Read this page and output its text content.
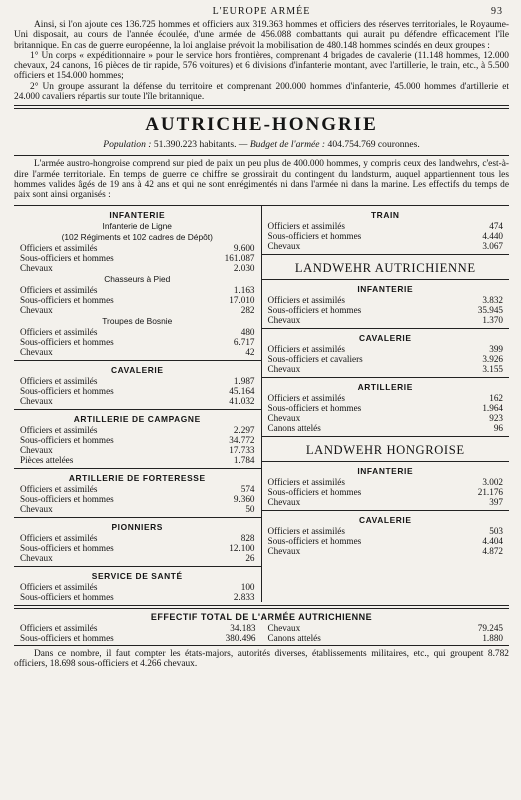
L'EUROPE ARMÉE	93

Ainsi, si l'on ajoute ces 136.725 hommes et officiers aux 319.363 hommes et officiers des réserves territoriales, le Royaume-Uni disposait, au cours de l'année écoulée, d'une armée de 456.088 combattants qui aurait pu défendre efficacement l'île britannique. En cas de guerre européenne, la loi anglaise prévoit la mobilisation de 480.148 hommes scindés en deux groupes :

1° Un corps « expéditionnaire » pour le service hors frontières, comprenant 4 brigades de cavalerie (11.148 hommes, 12.000 chevaux, 24 canons, 16 pièces de tir rapide, 576 voitures) et 6 divisions d'infanterie montant, avec l'artillerie, le train, etc., à 5.500 officiers et 154.000 hommes;
2° Un groupe assurant la défense du territoire et comprenant 200.000 hommes d'infanterie, 45.000 hommes d'artillerie et 24.000 cavaliers répartis sur toute l'île britannique.
AUTRICHE-HONGRIE
Population : 51.390.223 habitants. — Budget de l'armée : 404.754.769 couronnes.

L'armée austro-hongroise comprend sur pied de paix un peu plus de 400.000 hommes, y compris ceux des landwehrs, c'est-à-dire l'armée territoriale. En temps de guerre ce chiffre se grossirait du contingent du landsturm, auquel appartiennent tous les hommes valides âgés de 19 ans à 42 ans et qui ne sont enrégimentés ni dans l'armée ni dans la marine. Les effectifs du temps de paix sont ainsi organisés :

INFANTERIE
Infanterie de Ligne
(102 Régiments et 102 cadres de Dépôt)
Officiers et assimilés	9.600
Sous-officiers et hommes	161.087
Chevaux	2.030
Chasseurs à Pied
Officiers et assimilés	1.163
Sous-officiers et hommes	17.010
Chevaux	282
Troupes de Bosnie
Officiers et assimilés	480
Sous-officiers et hommes	6.717
Chevaux	42
CAVALERIE
Officiers et assimilés	1.987
Sous-officiers et hommes	45.164
Chevaux	41.032
ARTILLERIE DE CAMPAGNE
Officiers et assimilés	2.297
Sous-officiers et hommes	34.772
Chevaux	17.733
Pièces attelées	1.784
ARTILLERIE DE FORTERESSE
Officiers et assimilés	574
Sous-officiers et hommes	9.360
Chevaux	50
PIONNIERS
Officiers et assimilés	828
Sous-officiers et hommes	12.100
Chevaux	26
SERVICE DE SANTÉ
Officiers et assimilés	100
Sous-officiers et hommes	2.833
TRAIN
Officiers et assimilés	474
Sous-officiers et hommes	4.440
Chevaux	3.067
LANDWEHR AUTRICHIENNE
INFANTERIE
Officiers et assimilés	3.832
Sous-officiers et hommes	35.945
Chevaux	1.370
CAVALERIE
Officiers et assimilés	399
Sous-officiers et cavaliers	3.926
Chevaux	3.155
ARTILLERIE
Officiers et assimilés	162
Sous-officiers et hommes	1.964
Chevaux	923
Canons attelés	96
LANDWEHR HONGROISE
INFANTERIE
Officiers et assimilés	3.002
Sous-officiers et hommes	21.176
Chevaux	397
CAVALERIE
Officiers et assimilés	503
Sous-officiers et hommes	4.404
Chevaux	4.872
EFFECTIF TOTAL DE L'ARMÉE AUTRICHIENNE
Officiers et assimilés	34.183
Sous-officiers et hommes	380.496
Chevaux	79.245
Canons attelés	1.880

Dans ce nombre, il faut compter les états-majors, autorités diverses, établissements militaires, etc., qui groupent 8.782 officiers, 18.698 sous-officiers et 4.266 chevaux.
